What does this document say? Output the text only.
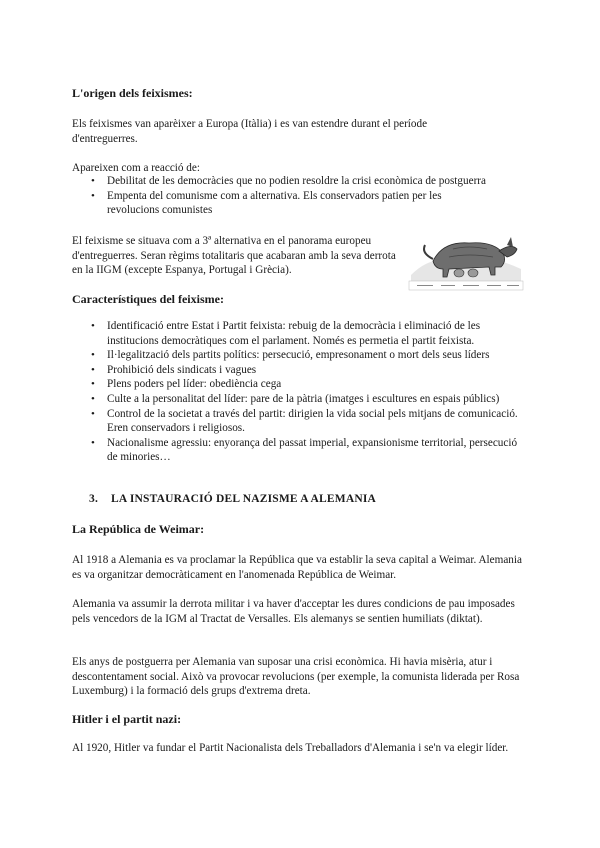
L'origen dels feixismes:

Els feixismes van aparèixer a Europa (Itàlia) i es van estendre durant el període d'entreguerres.

Apareixen com a reacció de:

• Debilitat de les democràcies que no podien resoldre la crisi econòmica de postguerra
• Empenta del comunisme com a alternativa. Els conservadors patien per les revolucions comunistes

El feixisme se situava com a 3ª alternativa en el panorama europeu d'entreguerres. Seran règims totalitaris que acabaran amb la seva derrota en la IIGM (excepte Espanya, Portugal i Grècia).

Característiques del feixisme:
• Identificació entre Estat i Partit feixista: rebuig de la democràcia i eliminació de les institucions democràtiques com el parlament. Només es permetia el partit feixista.
• Il·legalització dels partits polítics: persecució, empresonament o mort dels seus líders
• Prohibició dels sindicats i vagues
• Plens poders pel líder: obediència cega
• Culte a la personalitat del líder: pare de la pàtria (imatges i escultures en espais públics)
• Control de la societat a través del partit: dirigien la vida social pels mitjans de comunicació. Eren conservadors i religiosos.
• Nacionalisme agressiu: enyorança del passat imperial, expansionisme territorial, persecució de minories…
3. LA INSTAURACIÓ DEL NAZISME A ALEMANIA
La República de Weimar:

Al 1918 a Alemania es va proclamar la República que va establir la seva capital a Weimar. Alemania es va organitzar democràticament en l'anomenada República de Weimar.

Alemania va assumir la derrota militar i va haver d'acceptar les dures condicions de pau imposades pels vencedors de la IGM al Tractat de Versalles. Els alemanys se sentien humiliats (diktat).

Els anys de postguerra per Alemania van suposar una crisi econòmica. Hi havia misèria, atur i descontentament social. Això va provocar revolucions (per exemple, la comunista liderada per Rosa Luxemburg) i la formació dels grups d'extrema dreta.

Hitler i el partit nazi:

Al 1920, Hitler va fundar el Partit Nacionalista dels Treballadors d'Alemania i se'n va elegir líder.
